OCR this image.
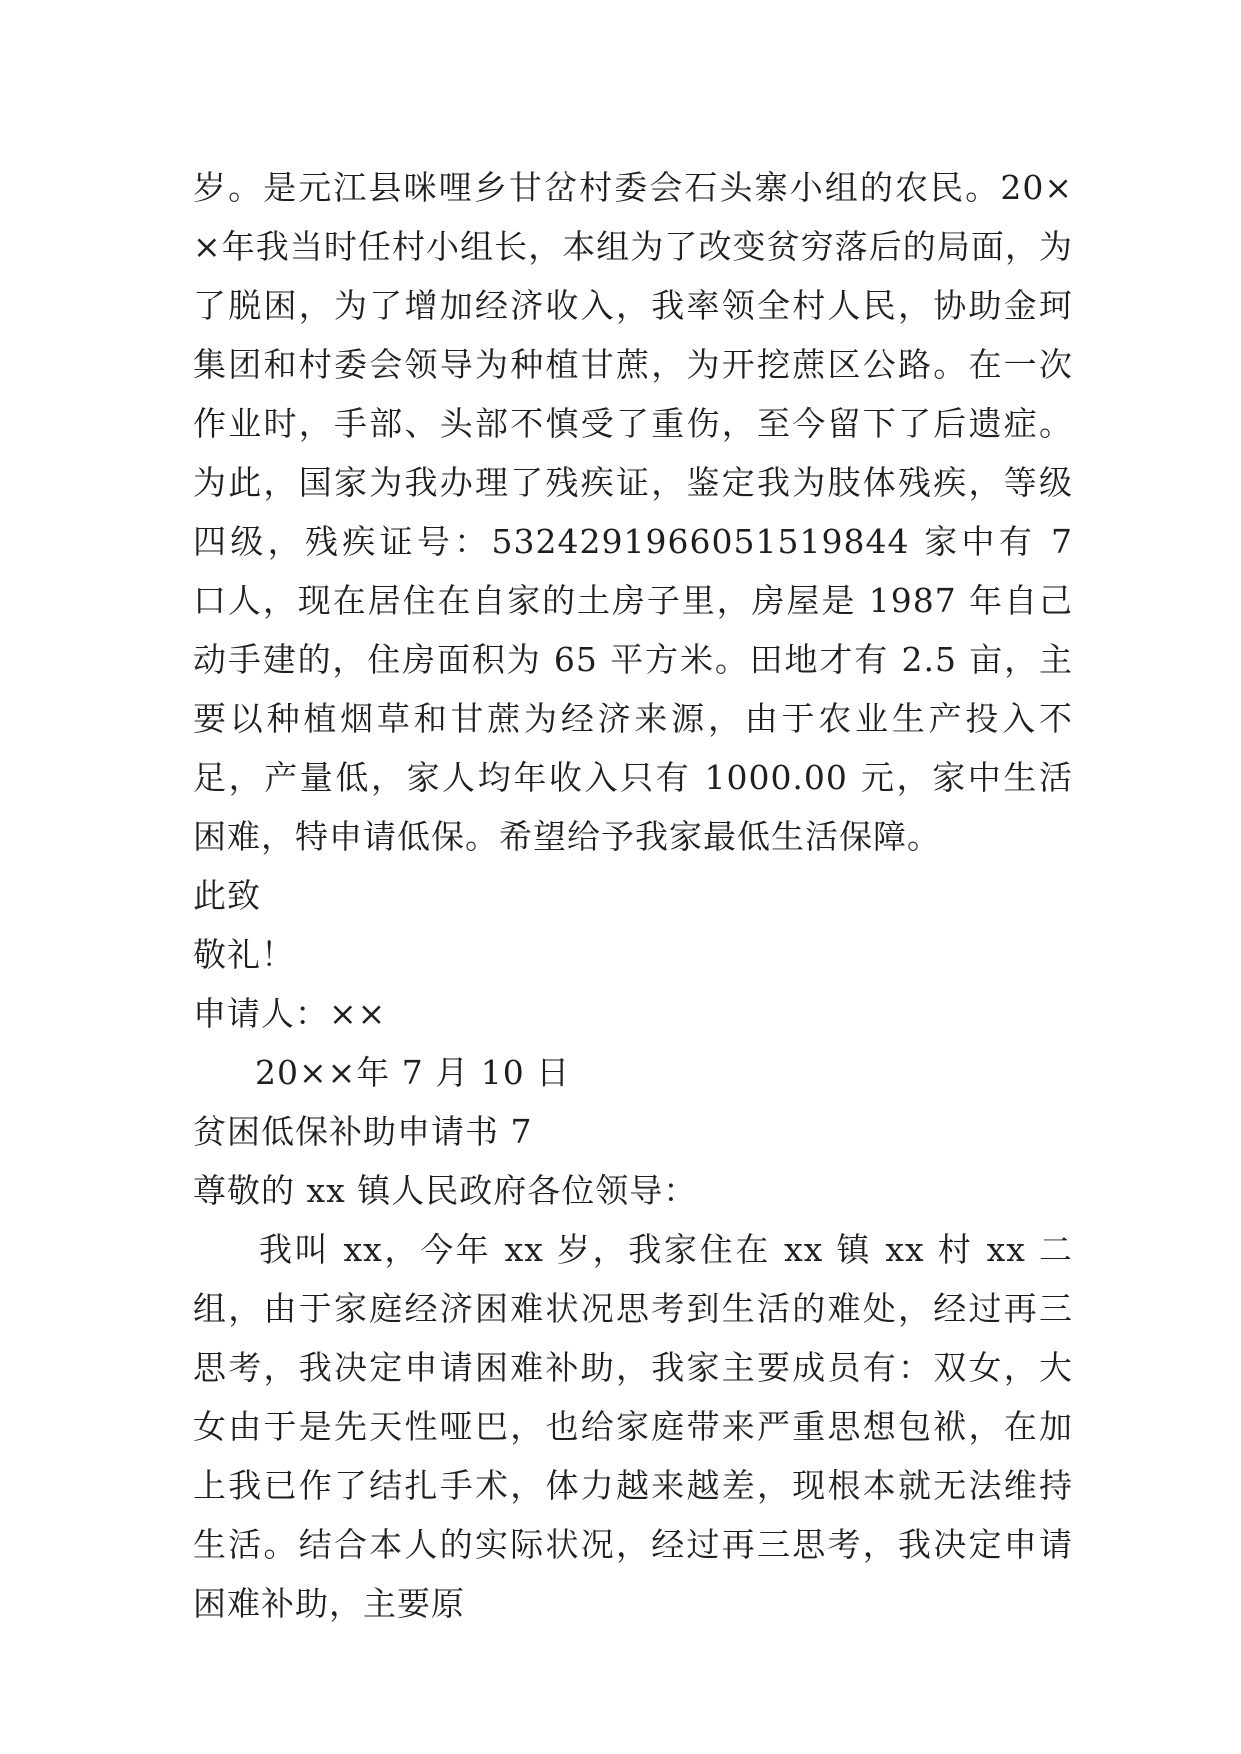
岁。是元江县咪哩乡甘岔村委会石头寨小组的农民。20××年我当时任村小组长，本组为了改变贫穷落后的局面，为了脱困，为了增加经济收入，我率领全村人民，协助金珂集团和村委会领导为种植甘蔗，为开挖蔗区公路。在一次作业时，手部、头部不慎受了重伤，至今留下了后遗症。为此，国家为我办理了残疾证，鉴定我为肢体残疾，等级四级，残疾证号：5324291966051519844 家中有 7 口人，现在居住在自家的土房子里，房屋是 1987 年自己动手建的，住房面积为 65 平方米。田地才有 2.5 亩，主要以种植烟草和甘蔗为经济来源，由于农业生产投入不足，产量低，家人均年收入只有 1000.00 元，家中生活困难，特申请低保。希望给予我家最低生活保障。

此致

敬礼！

申请人：××

20××年 7 月 10 日

贫困低保补助申请书 7

尊敬的 xx 镇人民政府各位领导：

我叫 xx，今年 xx 岁，我家住在 xx 镇 xx 村 xx 二组，由于家庭经济困难状况思考到生活的难处，经过再三思考，我决定申请困难补助，我家主要成员有：双女，大女由于是先天性哑巴，也给家庭带来严重思想包袱，在加上我已作了结扎手术，体力越来越差，现根本就无法维持生活。结合本人的实际状况，经过再三思考，我决定申请困难补助，主要原
